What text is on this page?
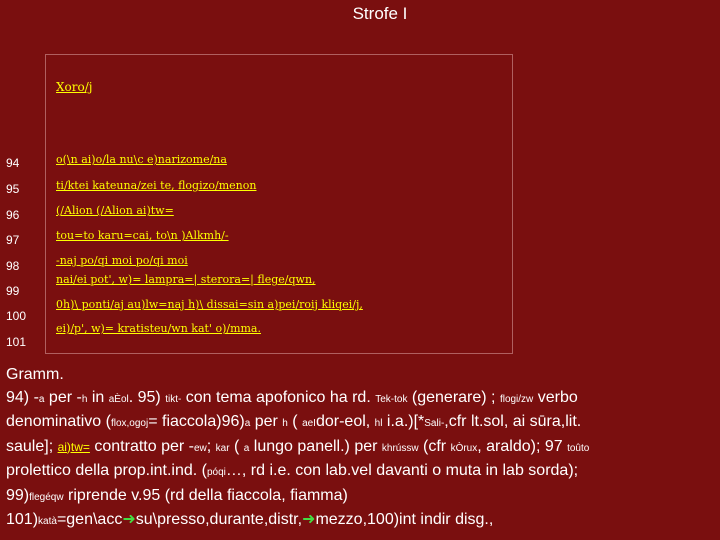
Strofe I
Xoro/j
94
95
96
97
98
99
100
101
o(\n ai)o/la nu\c e)narizome/na
ti/ktei kateuna/zei te, flogizo/menon
(/Alion (/Alion ai)tw=
tou=to karu=cai, to\n )Alkmh/-
-naj po/qi moi po/qi moi
nai/ei pot', w)= lampra=| sterora=| flege/qwn,
0h)\ ponti/aj au)lw=naj h)\ dissai=sin a)pei/roij kliqei/j,
ei)/p', w)= kratisteu/wn kat' o)/mma.
Gramm.
94) -a per -h in aÈol. 95) tikt- con tema apofonico ha rd. Tek-tok (generare) ; flogi/zw verbo
denominativo (flox,ogoj= fiaccola)96)a per h ( aeIdor-eol, hl i.a.)[*Sali-,cfr lt.sol, ai sūra,lit.
saule]; ai)tw= contratto per -ew; kar ( a lungo panell.) per khrússw (cfr kÒrux, araldo); 97 toûto
prolettico della prop.int.ind. (póqi…, rd i.e. con lab.vel davanti o muta in lab sorda);
99)flegéqw riprende v.95 (rd della fiaccola, fiamma)
101)katà=gen\acc➜su\presso,durante,distr,➜mezzo,100)int indir disg.,
